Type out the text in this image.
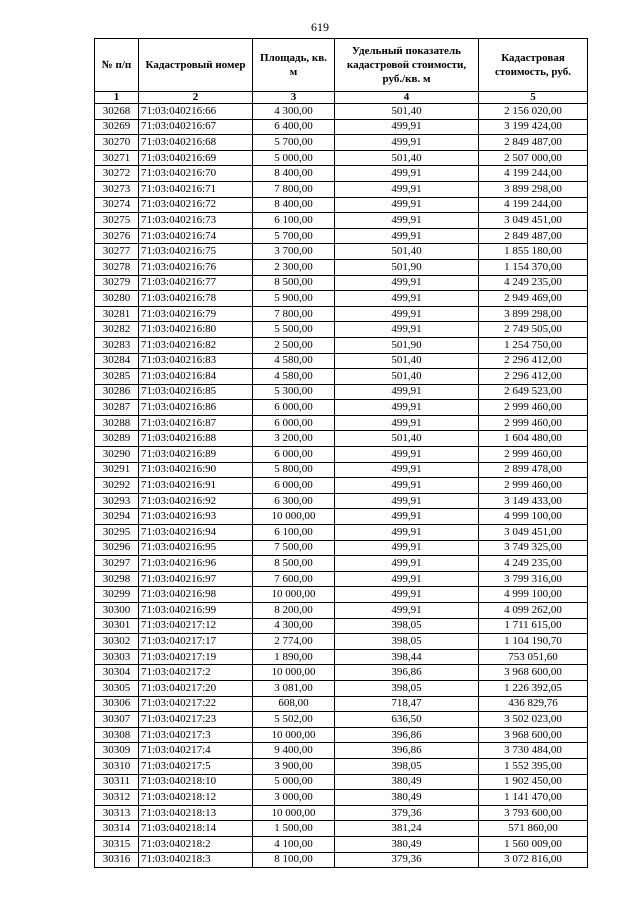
619
№ п/п	Кадастровый номер	Площадь, кв. м	Удельный показатель кадастровой стоимости, руб./кв. м	Кадастровая стоимость, руб.
1	2	3	4	5
30268	71:03:040216:66	4 300,00	501,40	2 156 020,00
30269	71:03:040216:67	6 400,00	499,91	3 199 424,00
30270	71:03:040216:68	5 700,00	499,91	2 849 487,00
30271	71:03:040216:69	5 000,00	501,40	2 507 000,00
30272	71:03:040216:70	8 400,00	499,91	4 199 244,00
30273	71:03:040216:71	7 800,00	499,91	3 899 298,00
30274	71:03:040216:72	8 400,00	499,91	4 199 244,00
30275	71:03:040216:73	6 100,00	499,91	3 049 451,00
30276	71:03:040216:74	5 700,00	499,91	2 849 487,00
30277	71:03:040216:75	3 700,00	501,40	1 855 180,00
30278	71:03:040216:76	2 300,00	501,90	1 154 370,00
30279	71:03:040216:77	8 500,00	499,91	4 249 235,00
30280	71:03:040216:78	5 900,00	499,91	2 949 469,00
30281	71:03:040216:79	7 800,00	499,91	3 899 298,00
30282	71:03:040216:80	5 500,00	499,91	2 749 505,00
30283	71:03:040216:82	2 500,00	501,90	1 254 750,00
30284	71:03:040216:83	4 580,00	501,40	2 296 412,00
30285	71:03:040216:84	4 580,00	501,40	2 296 412,00
30286	71:03:040216:85	5 300,00	499,91	2 649 523,00
30287	71:03:040216:86	6 000,00	499,91	2 999 460,00
30288	71:03:040216:87	6 000,00	499,91	2 999 460,00
30289	71:03:040216:88	3 200,00	501,40	1 604 480,00
30290	71:03:040216:89	6 000,00	499,91	2 999 460,00
30291	71:03:040216:90	5 800,00	499,91	2 899 478,00
30292	71:03:040216:91	6 000,00	499,91	2 999 460,00
30293	71:03:040216:92	6 300,00	499,91	3 149 433,00
30294	71:03:040216:93	10 000,00	499,91	4 999 100,00
30295	71:03:040216:94	6 100,00	499,91	3 049 451,00
30296	71:03:040216:95	7 500,00	499,91	3 749 325,00
30297	71:03:040216:96	8 500,00	499,91	4 249 235,00
30298	71:03:040216:97	7 600,00	499,91	3 799 316,00
30299	71:03:040216:98	10 000,00	499,91	4 999 100,00
30300	71:03:040216:99	8 200,00	499,91	4 099 262,00
30301	71:03:040217:12	4 300,00	398,05	1 711 615,00
30302	71:03:040217:17	2 774,00	398,05	1 104 190,70
30303	71:03:040217:19	1 890,00	398,44	753 051,60
30304	71:03:040217:2	10 000,00	396,86	3 968 600,00
30305	71:03:040217:20	3 081,00	398,05	1 226 392,05
30306	71:03:040217:22	608,00	718,47	436 829,76
30307	71:03:040217:23	5 502,00	636,50	3 502 023,00
30308	71:03:040217:3	10 000,00	396,86	3 968 600,00
30309	71:03:040217:4	9 400,00	396,86	3 730 484,00
30310	71:03:040217:5	3 900,00	398,05	1 552 395,00
30311	71:03:040218:10	5 000,00	380,49	1 902 450,00
30312	71:03:040218:12	3 000,00	380,49	1 141 470,00
30313	71:03:040218:13	10 000,00	379,36	3 793 600,00
30314	71:03:040218:14	1 500,00	381,24	571 860,00
30315	71:03:040218:2	4 100,00	380,49	1 560 009,00
30316	71:03:040218:3	8 100,00	379,36	3 072 816,00
